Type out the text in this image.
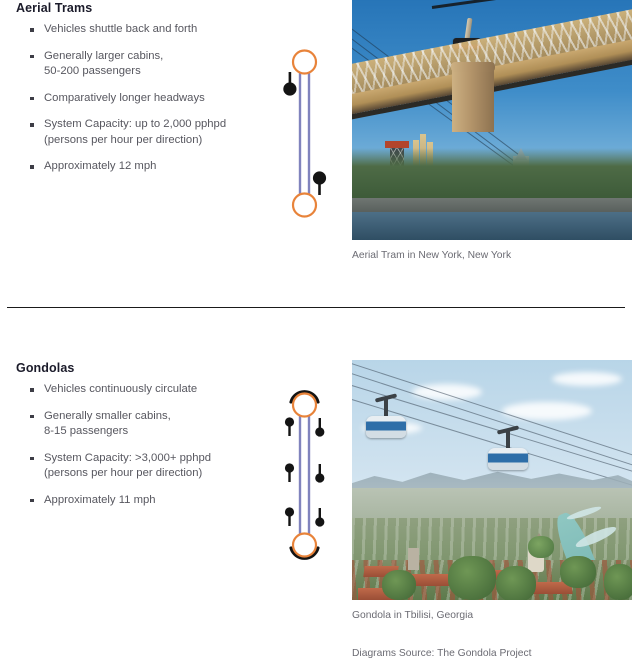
Aerial Trams
Vehicles shuttle back and forth
Generally larger cabins,
50-200 passengers
Comparatively longer headways
System Capacity: up to 2,000 pphpd
(persons per hour per direction)
Approximately 12 mph
Aerial Tram in New York, New York
Gondolas
Vehicles continuously circulate
Generally smaller cabins,
8-15 passengers
System Capacity: >3,000+ pphpd
(persons per hour per direction)
Approximately 11 mph
Gondola in Tbilisi, Georgia
Diagrams Source: The Gondola Project
